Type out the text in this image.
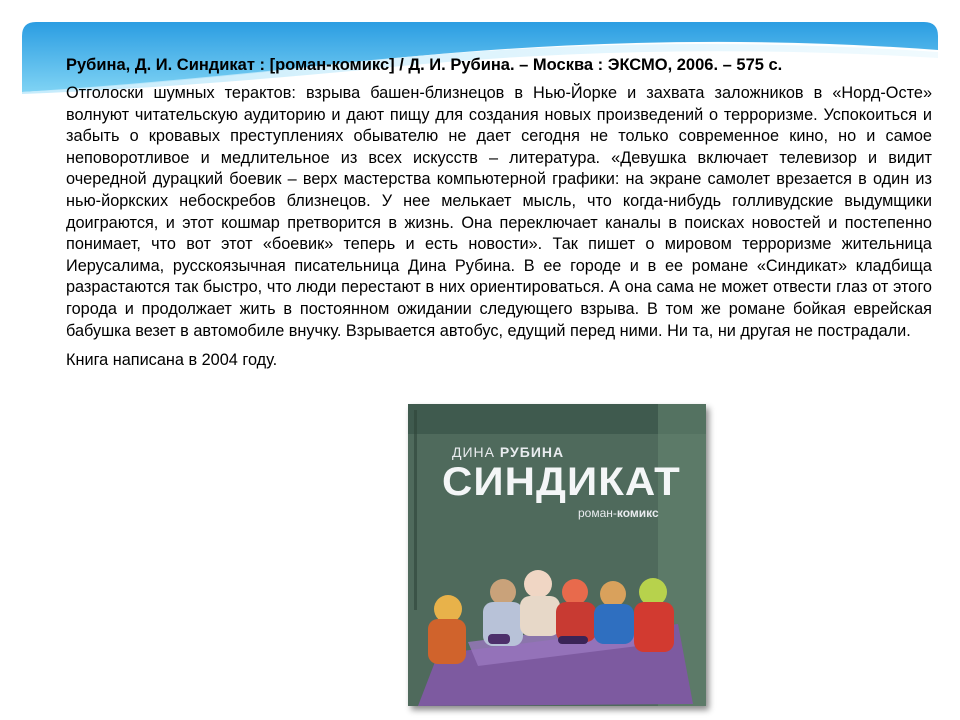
Рубина, Д. И. Синдикат : [роман-комикс] / Д. И. Рубина. – Москва : ЭКСМО, 2006. – 575 с.

Отголоски шумных терактов: взрыва башен-близнецов в Нью-Йорке и захвата заложников в «Норд-Осте» волнуют читательскую аудиторию и дают пищу для создания новых произведений о терроризме. Успокоиться и забыть о кровавых преступлениях обывателю не дает сегодня не только современное кино, но и самое неповоротливое и медлительное из всех искусств – литература. «Девушка включает телевизор и видит очередной дурацкий боевик – верх мастерства компьютерной графики: на экране самолет врезается в один из нью-йоркских небоскребов близнецов. У нее мелькает мысль, что когда-нибудь голливудские выдумщики доиграются, и этот кошмар претворится в жизнь. Она переключает каналы в поисках новостей и постепенно понимает, что вот этот «боевик» теперь и есть новости». Так пишет о мировом терроризме жительница Иерусалима, русскоязычная писательница Дина Рубина. В ее городе и в ее романе «Синдикат» кладбища разрастаются так быстро, что люди перестают в них ориентироваться. А она сама не может отвести глаз от этого города и продолжает жить в постоянном ожидании следующего взрыва. В том же романе бойкая еврейская бабушка везет в автомобиле внучку. Взрывается автобус, едущий перед ними. Ни та, ни другая не пострадали.

Книга написана в 2004 году.

ДИНА РУБИНА
СИНДИКАТ
роман-комикс
